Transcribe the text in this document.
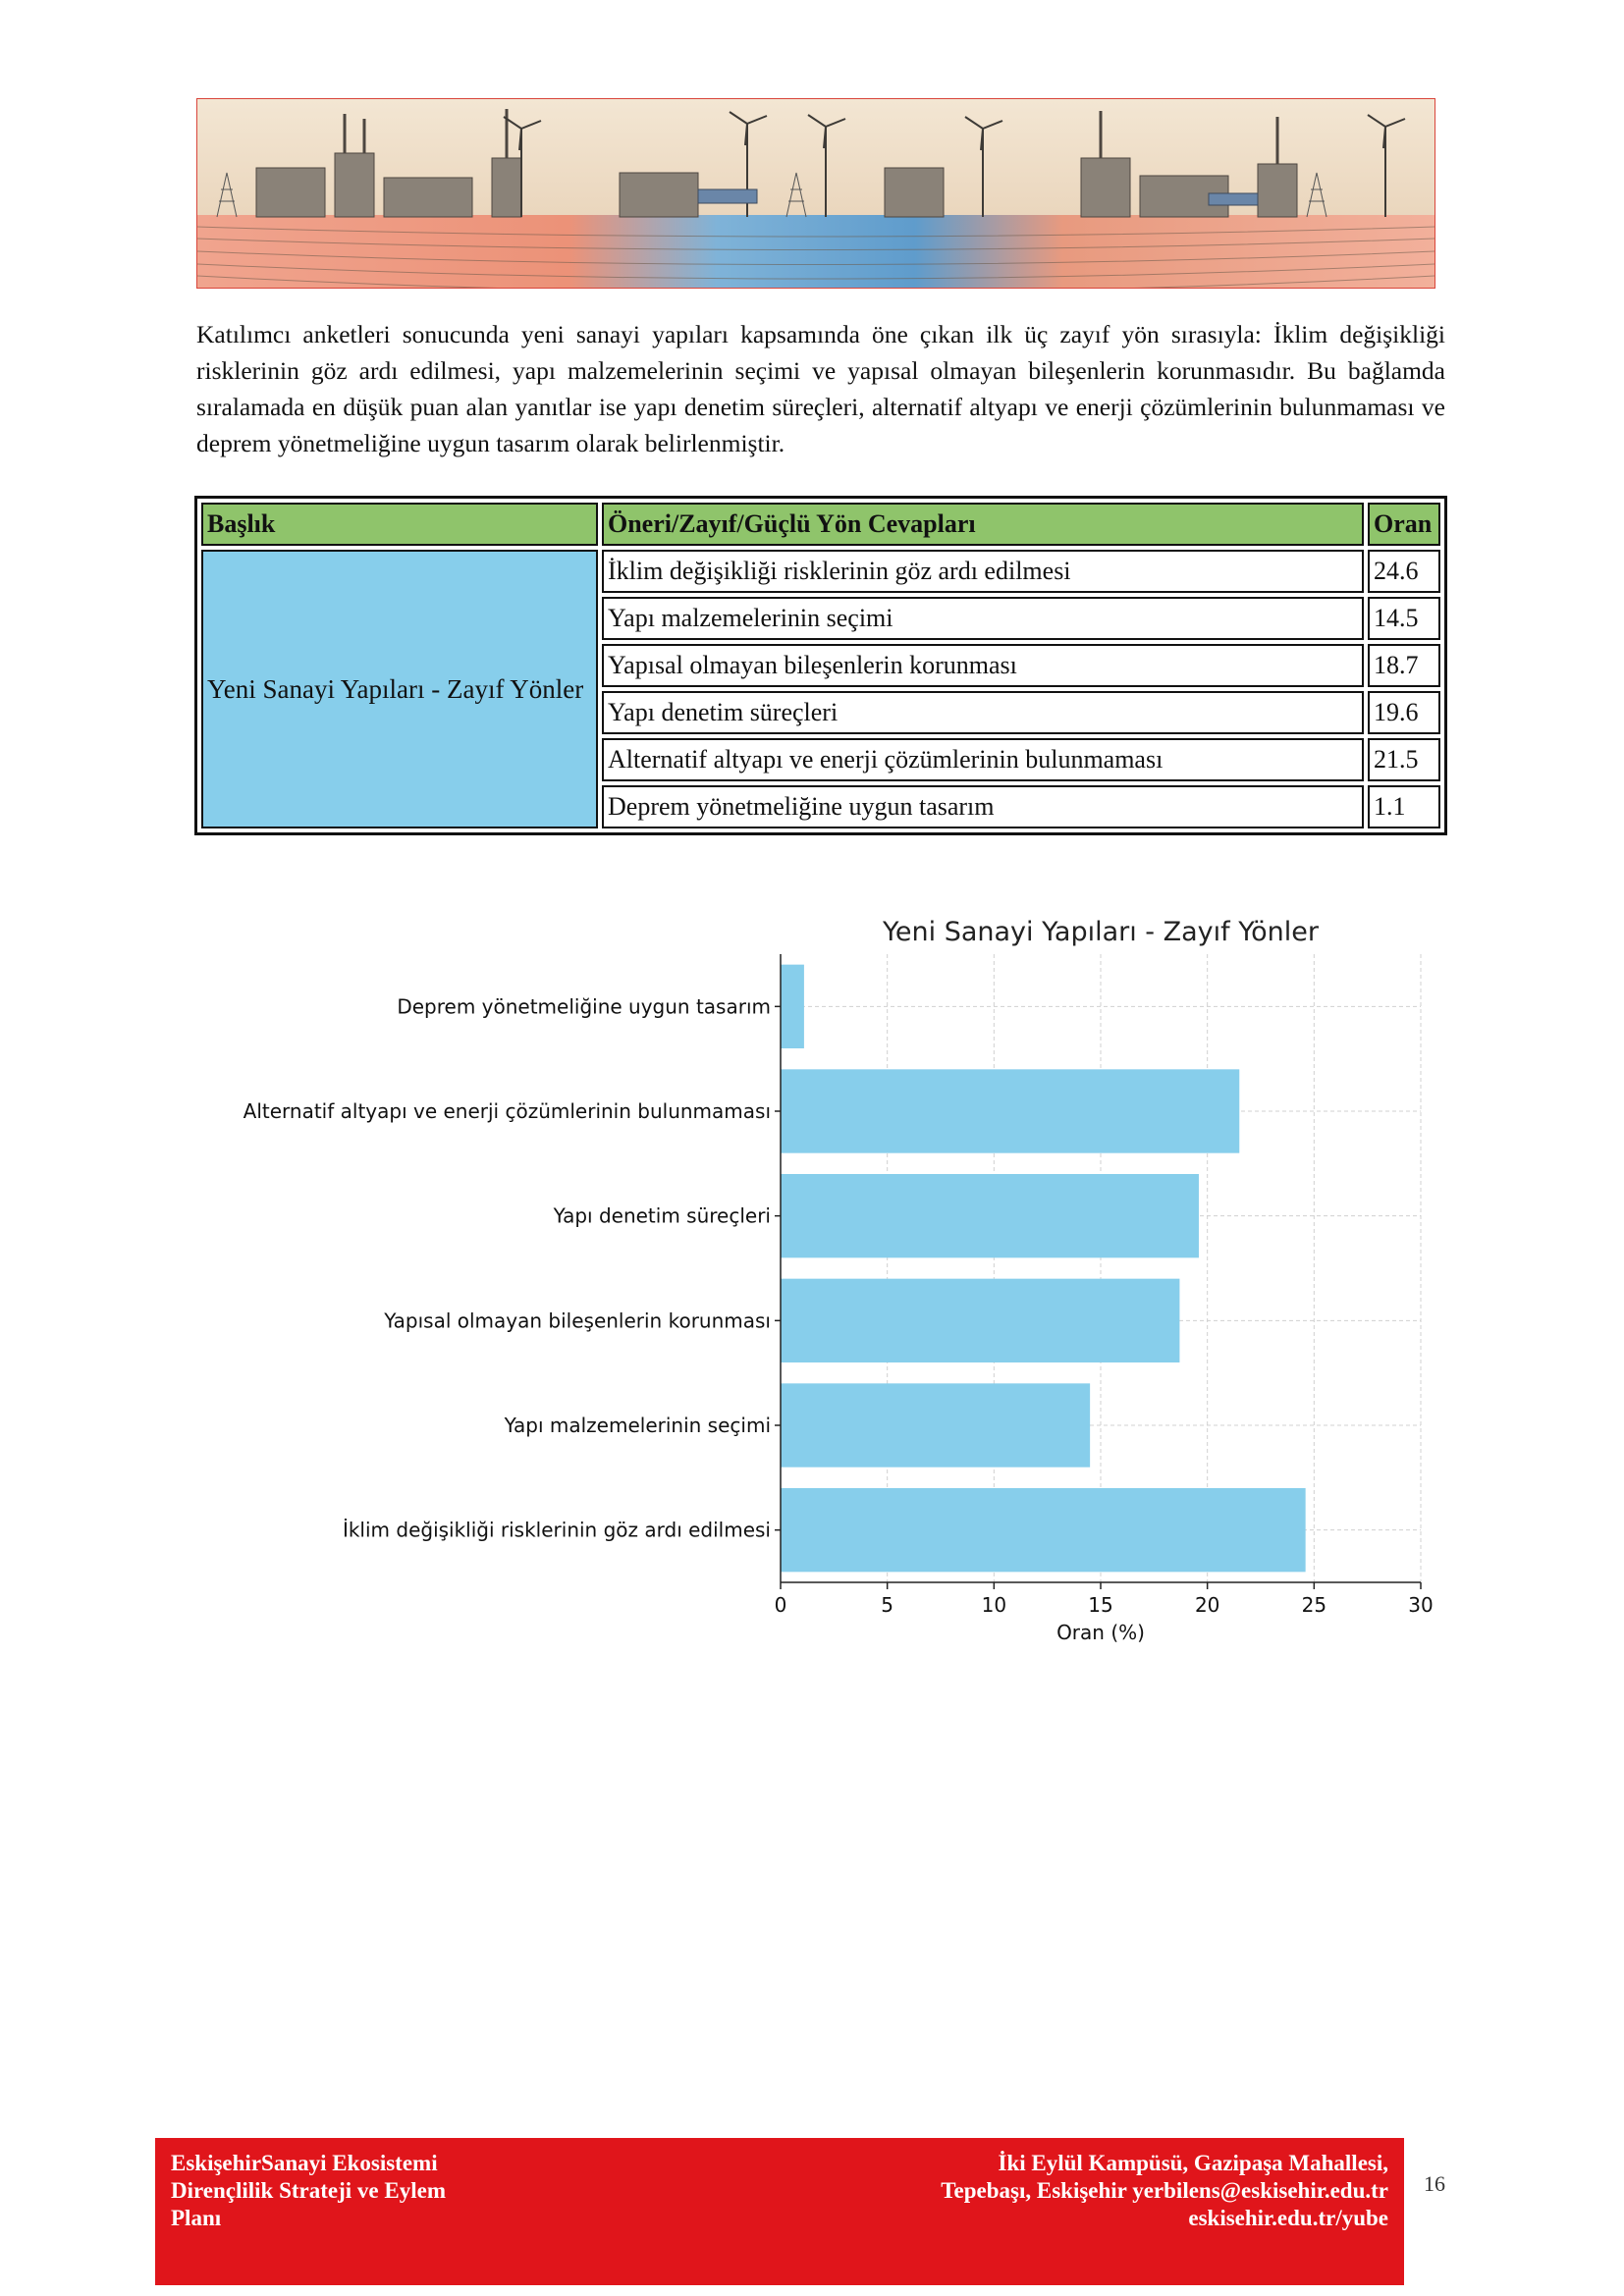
Katılımcı anketleri sonucunda yeni sanayi yapıları kapsamında öne çıkan ilk üç zayıf yön sırasıyla: İklim değişikliği risklerinin göz ardı edilmesi, yapı malzemelerinin seçimi ve yapısal olmayan bileşenlerin korunmasıdır. Bu bağlamda sıralamada en düşük puan alan yanıtlar ise yapı denetim süreçleri, alternatif altyapı ve enerji çözümlerinin bulunmaması ve deprem yönetmeliğine uygun tasarım olarak belirlenmiştir.

Başlık	Öneri/Zayıf/Güçlü Yön Cevapları	Oran
Yeni Sanayi Yapıları - Zayıf Yönler	İklim değişikliği risklerinin göz ardı edilmesi	24.6
	Yapı malzemelerinin seçimi	14.5
	Yapısal olmayan bileşenlerin korunması	18.7
	Yapı denetim süreçleri	19.6
	Alternatif altyapı ve enerji çözümlerinin bulunmaması	21.5
	Deprem yönetmeliğine uygun tasarım	1.1
İklim değişikliği risklerinin göz ardı edilmesi
Yapı malzemelerinin seçimi
Yapısal olmayan bileşenlerin korunması
Yapı denetim süreçleri
Alternatif altyapı ve enerji çözümlerinin bulunmaması
Deprem yönetmeliğine uygun tasarım
0	5	10	15	20	25	30
Oran (%)
Yeni Sanayi Yapıları - Zayıf Yönler
EskişehirSanayi Ekosistemi
Dirençlilik Strateji ve Eylem
Planı
İki Eylül Kampüsü, Gazipaşa Mahallesi,
Tepebaşı, Eskişehir yerbilens@eskisehir.edu.tr
eskisehir.edu.tr/yube
16
